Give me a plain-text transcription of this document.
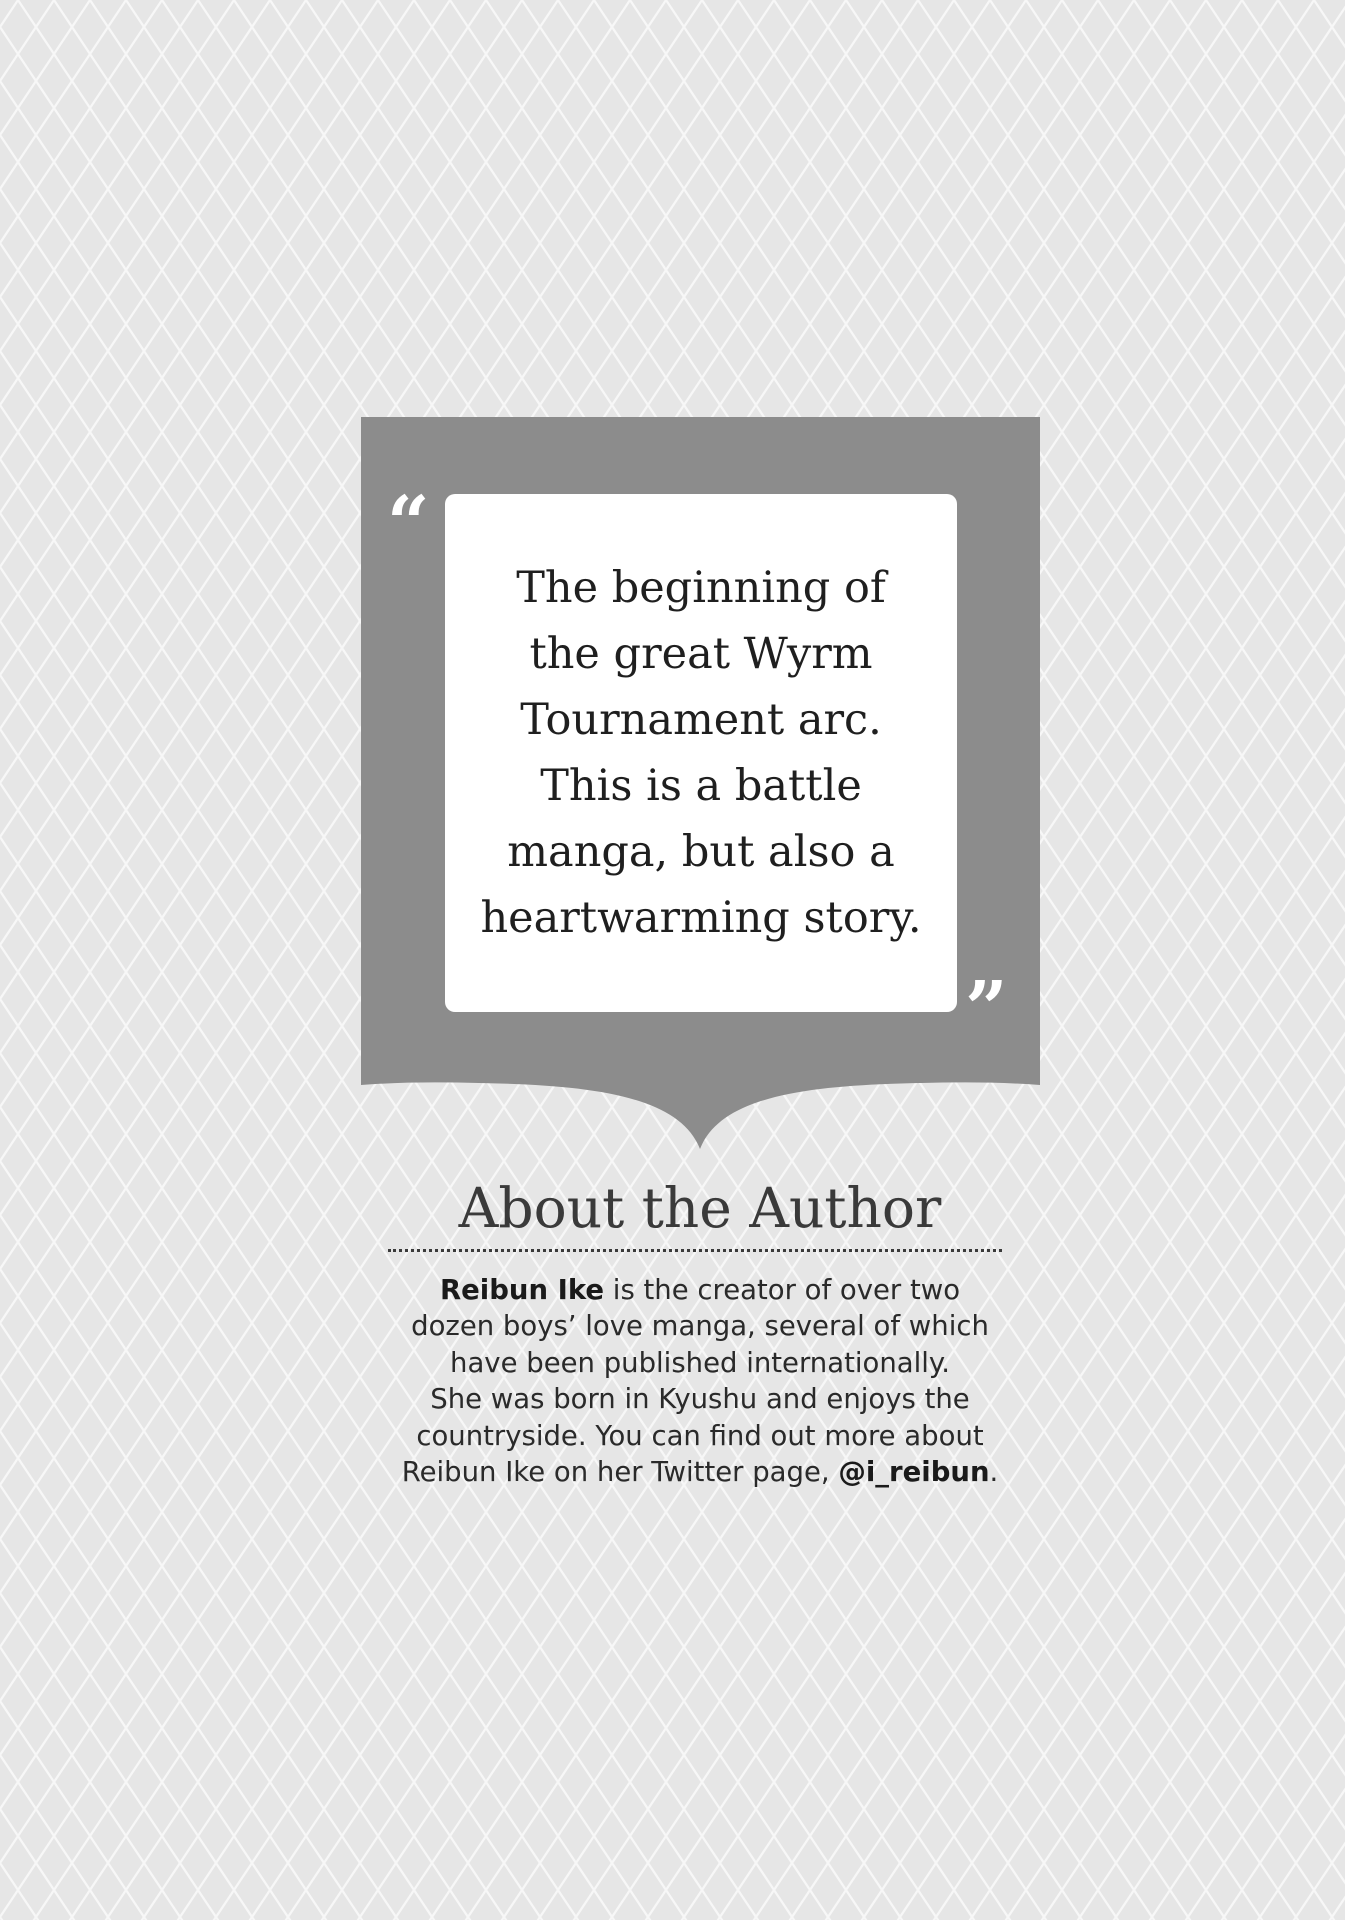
“

The beginning of
the great Wyrm
Tournament arc.
This is a battle
manga, but also a
heartwarming story.

”
About the Author

Reibun Ike is the creator of over two
dozen boys’ love manga, several of which
have been published internationally.
She was born in Kyushu and enjoys the
countryside. You can find out more about
Reibun Ike on her Twitter page, @i_reibun.
